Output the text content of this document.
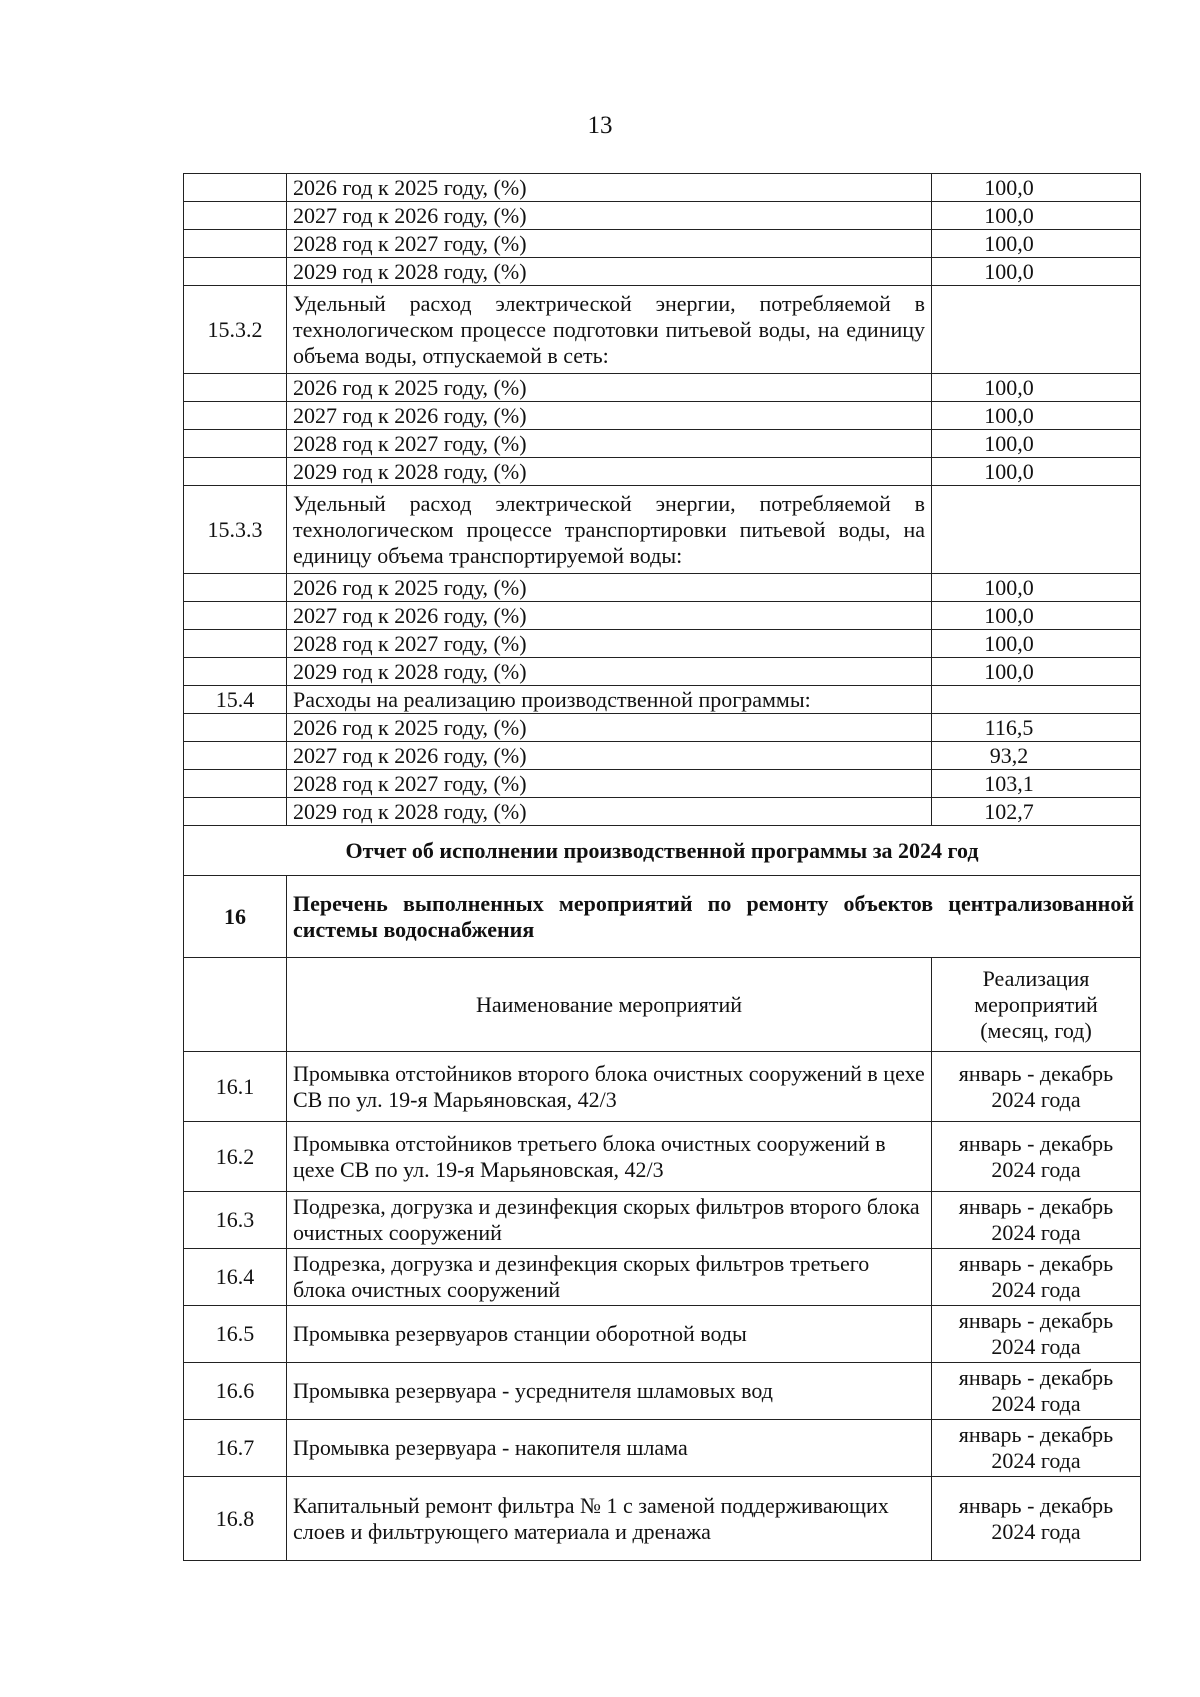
13
	2026 год к 2025 году, (%)	100,0
	2027 год к 2026 году, (%)	100,0
	2028 год к 2027 году, (%)	100,0
	2029 год к 2028 году, (%)	100,0
15.3.2	Удельный расход электрической энергии, потребляемой в технологическом процессе подготовки питьевой воды, на единицу объема воды, отпускаемой в сеть:	
	2026 год к 2025 году, (%)	100,0
	2027 год к 2026 году, (%)	100,0
	2028 год к 2027 году, (%)	100,0
	2029 год к 2028 году, (%)	100,0
15.3.3	Удельный расход электрической энергии, потребляемой в технологическом процессе транспортировки питьевой воды, на единицу объема транспортируемой воды:	
	2026 год к 2025 году, (%)	100,0
	2027 год к 2026 году, (%)	100,0
	2028 год к 2027 году, (%)	100,0
	2029 год к 2028 году, (%)	100,0
15.4	Расходы на реализацию производственной программы:	
	2026 год к 2025 году, (%)	116,5
	2027 год к 2026 году, (%)	93,2
	2028 год к 2027 году, (%)	103,1
	2029 год к 2028 году, (%)	102,7
Отчет об исполнении производственной программы за 2024 год		
16	Перечень выполненных мероприятий по ремонту объектов централизованной системы водоснабжения	
	Наименование мероприятий	Реализация мероприятий (месяц, год)
16.1	Промывка отстойников второго блока очистных сооружений в цехе СВ по ул. 19-я Марьяновская, 42/3	январь - декабрь
2024 года

16.2	Промывка отстойников третьего блока очистных сооружений в цехе СВ по ул. 19-я Марьяновская, 42/3	январь - декабрь
2024 года

16.3	Подрезка, догрузка и дезинфекция скорых фильтров второго блока очистных сооружений	январь - декабрь
2024 года

16.4	Подрезка, догрузка и дезинфекция скорых фильтров третьего блока очистных сооружений	январь - декабрь
2024 года

16.5	Промывка резервуаров станции оборотной воды	январь - декабрь
2024 года

16.6	Промывка резервуара - усреднителя шламовых вод	январь - декабрь
2024 года

16.7	Промывка резервуара - накопителя шлама	январь - декабрь
2024 года

16.8	Капитальный ремонт фильтра № 1 с заменой поддерживающих слоев и фильтрующего материала и дренажа	январь - декабрь
2024 года
